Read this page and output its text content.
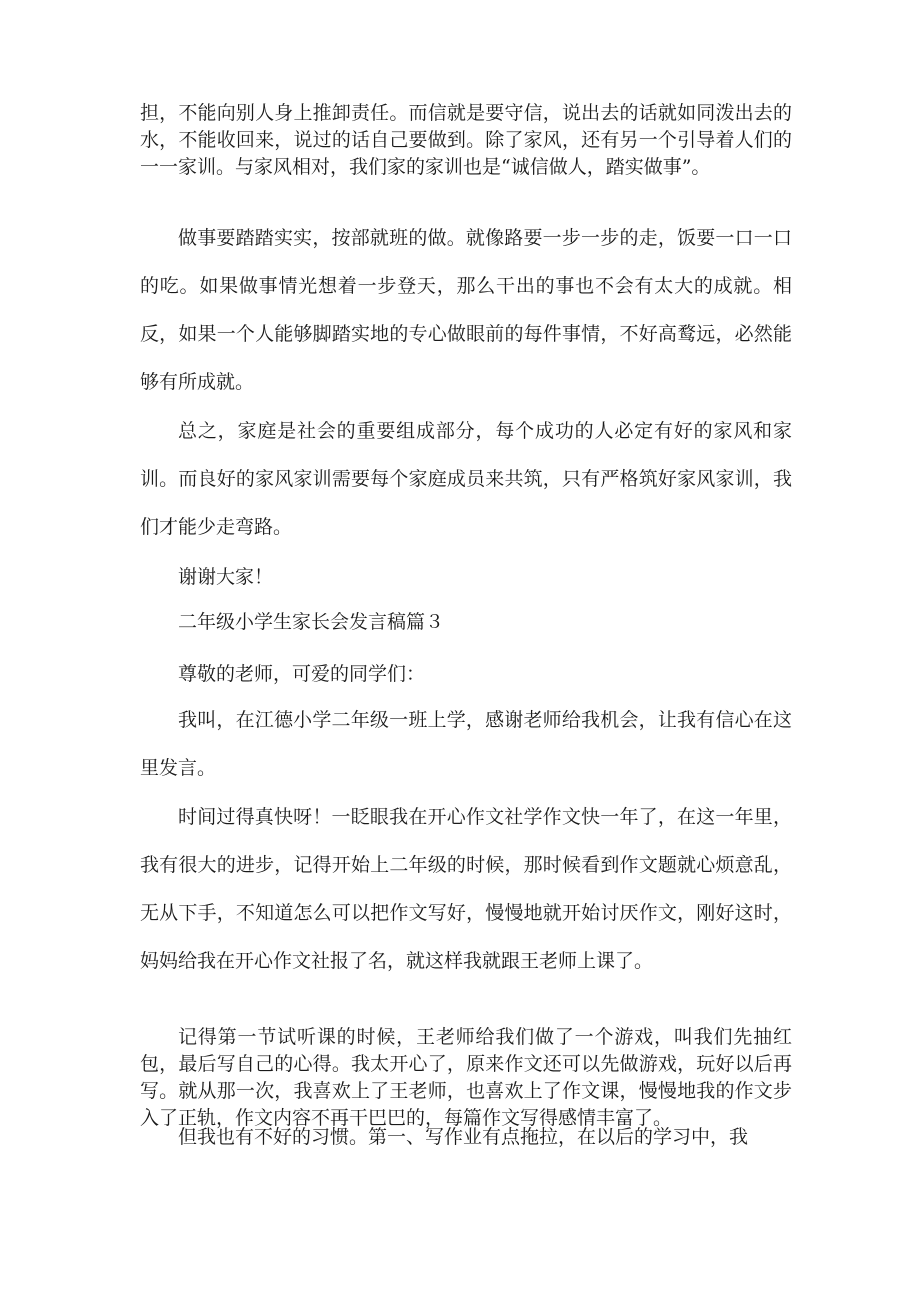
担，不能向别人身上推卸责任。而信就是要守信，说出去的话就如同泼出去的水，不能收回来，说过的话自己要做到。除了家风，还有另一个引导着人们的一一家训。与家风相对，我们家的家训也是“诚信做人，踏实做事”。

做事要踏踏实实，按部就班的做。就像路要一步一步的走，饭要一口一口的吃。如果做事情光想着一步登天，那么干出的事也不会有太大的成就。相反，如果一个人能够脚踏实地的专心做眼前的每件事情，不好高鹜远，必然能够有所成就。

总之，家庭是社会的重要组成部分，每个成功的人必定有好的家风和家训。而良好的家风家训需要每个家庭成员来共筑，只有严格筑好家风家训，我们才能少走弯路。

谢谢大家！

二年级小学生家长会发言稿篇３

尊敬的老师，可爱的同学们：

我叫，在江德小学二年级一班上学，感谢老师给我机会，让我有信心在这里发言。

时间过得真快呀！一眨眼我在开心作文社学作文快一年了，在这一年里，我有很大的进步，记得开始上二年级的时候，那时候看到作文题就心烦意乱，无从下手，不知道怎么可以把作文写好，慢慢地就开始讨厌作文，刚好这时，妈妈给我在开心作文社报了名，就这样我就跟王老师上课了。

记得第一节试听课的时候，王老师给我们做了一个游戏，叫我们先抽红包，最后写自己的心得。我太开心了，原来作文还可以先做游戏，玩好以后再写。就从那一次，我喜欢上了王老师，也喜欢上了作文课，慢慢地我的作文步入了正轨，作文内容不再干巴巴的，每篇作文写得感情丰富了。

但我也有不好的习惯。第一、写作业有点拖拉，在以后的学习中，我
